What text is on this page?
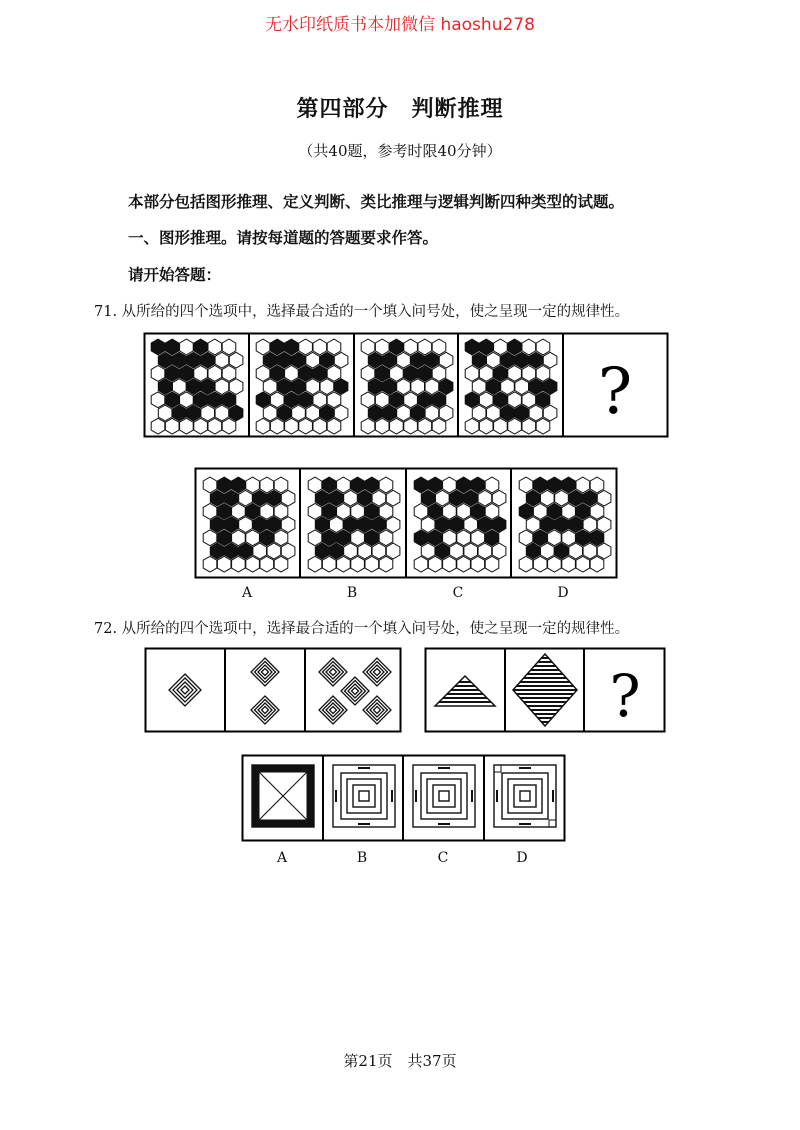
无水印纸质书本加微信 haoshu278
第四部分　判断推理
（共40题，参考时限40分钟）
本部分包括图形推理、定义判断、类比推理与逻辑判断四种类型的试题。
一、图形推理。请按每道题的答题要求作答。
请开始答题：
71. 从所给的四个选项中，选择最合适的一个填入问号处，使之呈现一定的规律性。
?
A	B	C	D
72. 从所给的四个选项中，选择最合适的一个填入问号处，使之呈现一定的规律性。
?
A	B	C	D
第21页　共37页
